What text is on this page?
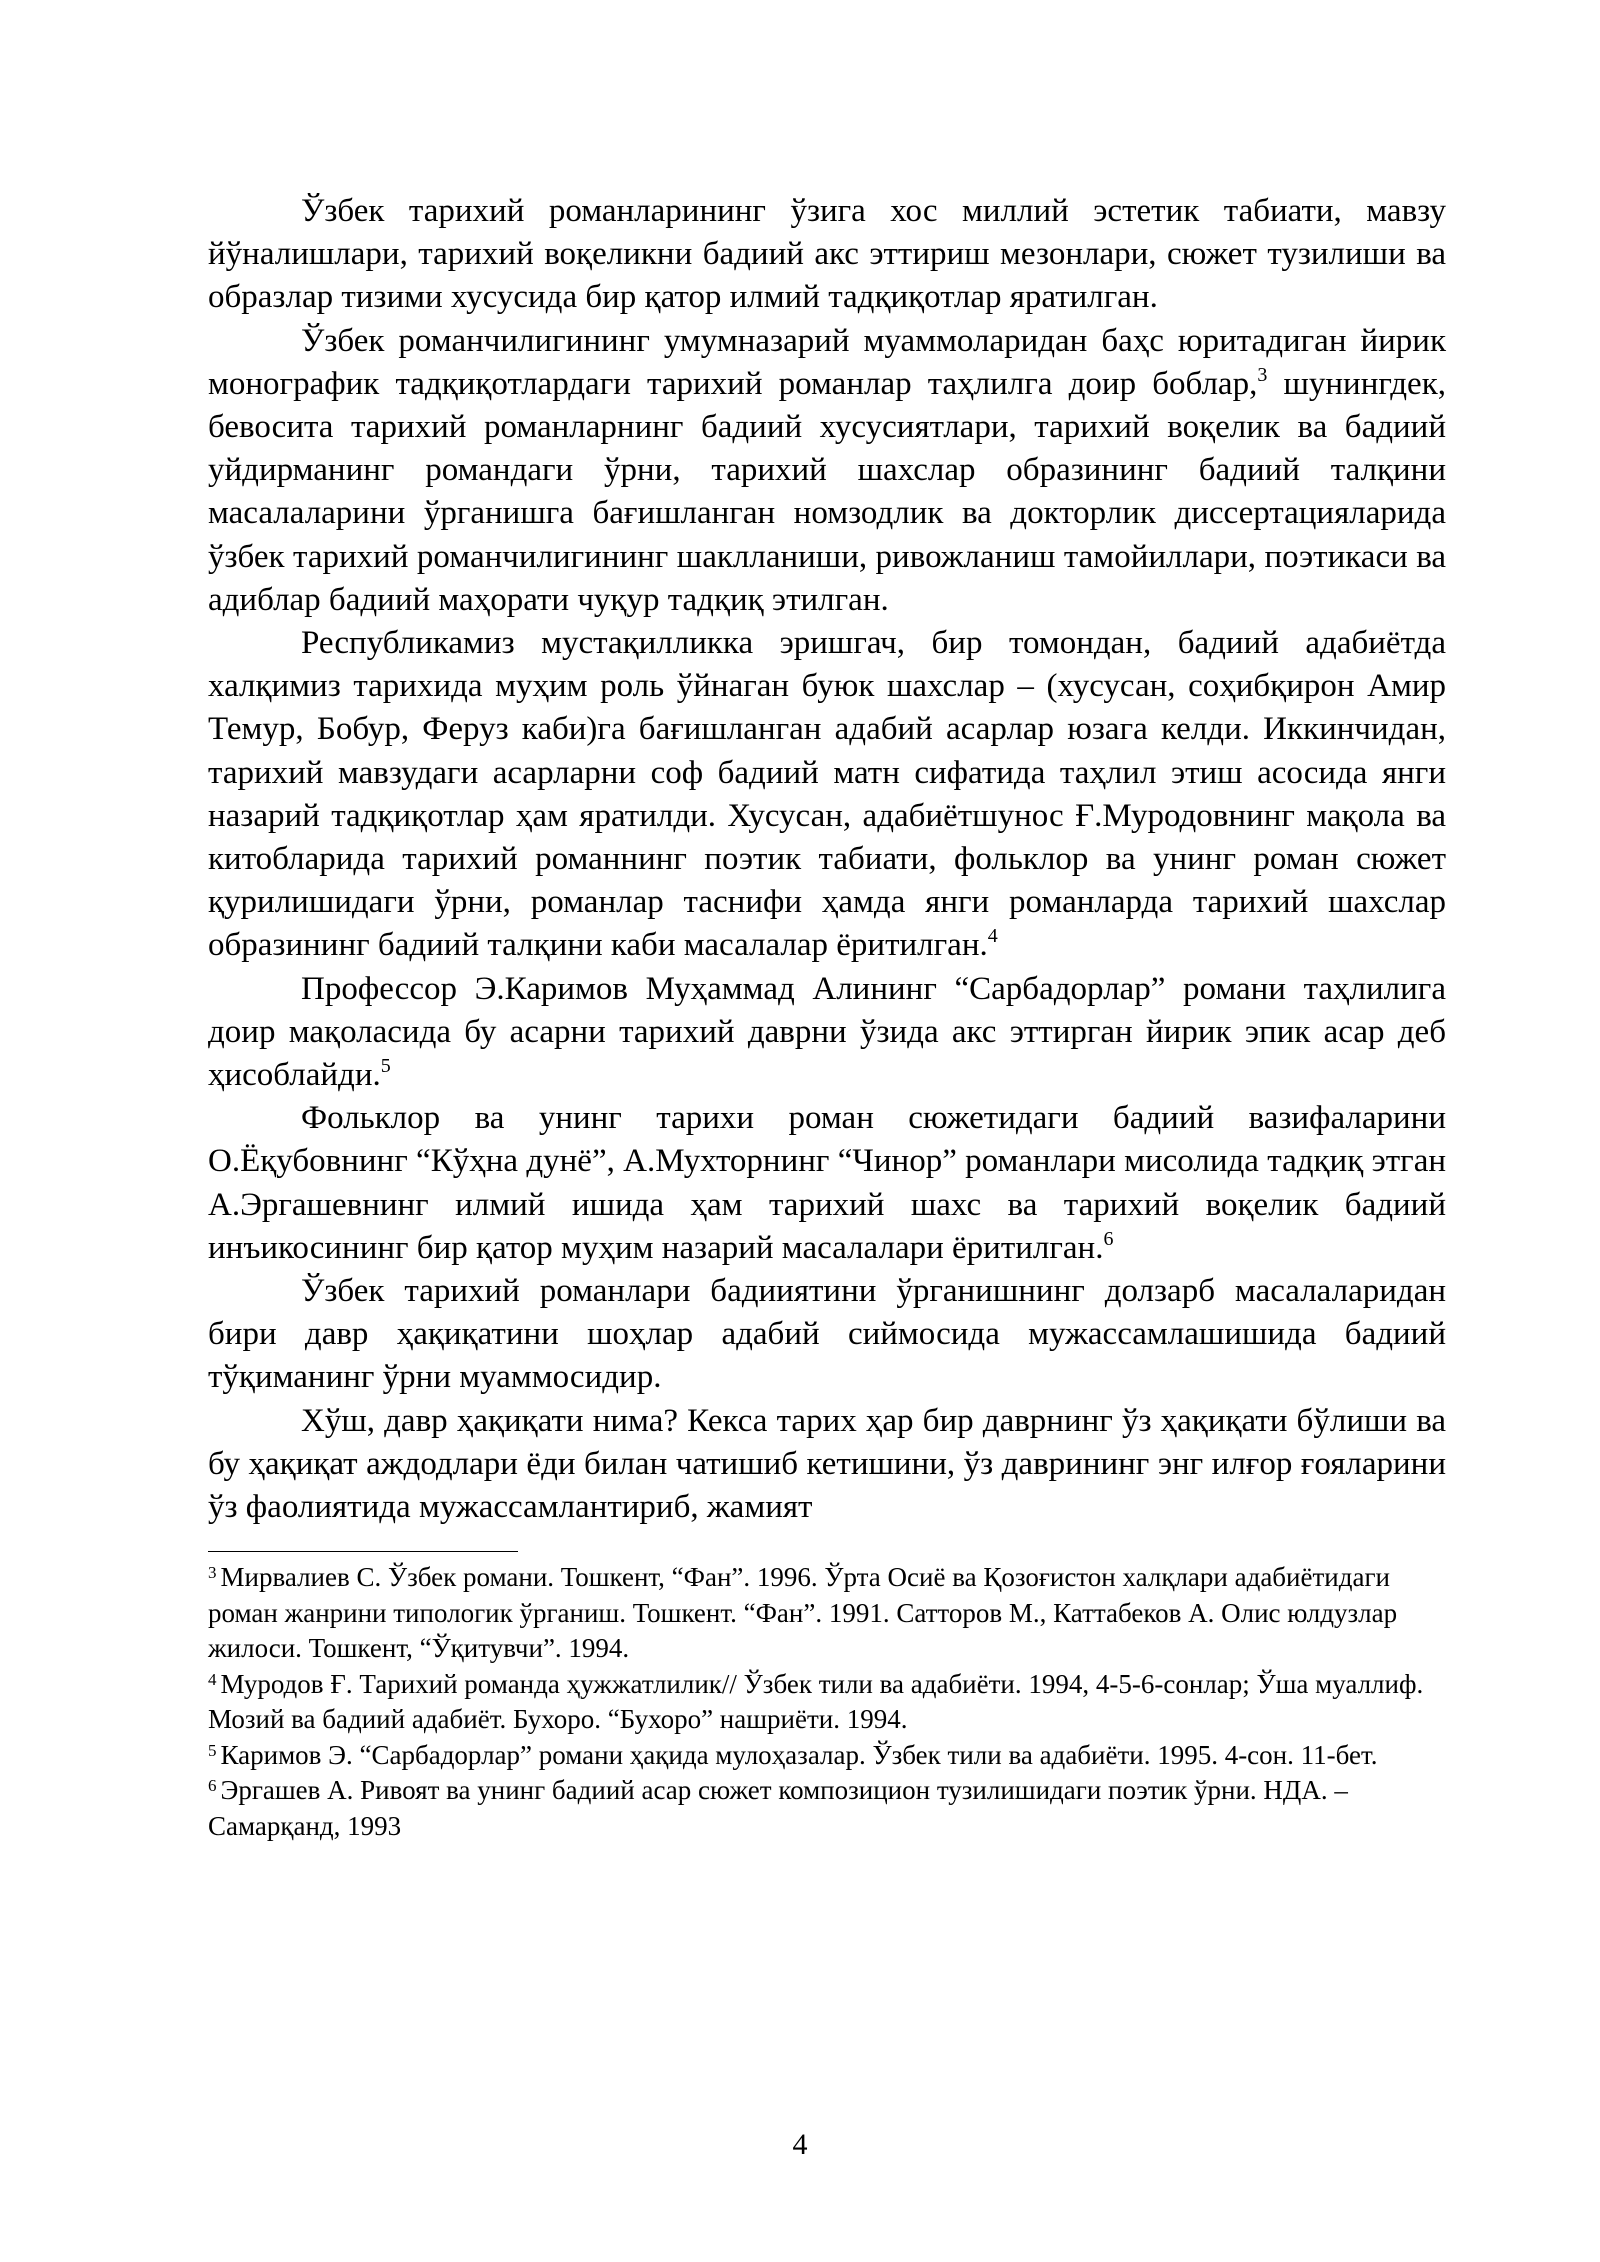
Ўзбек тарихий романларининг ўзига хос миллий эстетик табиати, мавзу йўналишлари, тарихий воқеликни бадиий акс эттириш мезонлари, сюжет тузилиши ва образлар тизими хусусида бир қатор илмий тадқиқотлар яратилган.

Ўзбек романчилигининг умумназарий муаммоларидан баҳс юритадиган йирик монографик тадқиқотлардаги тарихий романлар таҳлилга доир боблар,$^3$ шунингдек, бевосита тарихий романларнинг бадиий хусусиятлари, тарихий воқелик ва бадиий уйдирманинг романдаги ўрни, тарихий шахслар образининг бадиий талқини масалаларини ўрганишга бағишланган номзодлик ва докторлик диссертацияларида ўзбек тарихий романчилигининг шаклланиши, ривожланиш тамойиллари, поэтикаси ва адиблар бадиий маҳорати чуқур тадқиқ этилган.

Республикамиз мустақилликка эришгач, бир томондан, бадиий адабиётда халқимиз тарихида муҳим роль ўйнаган буюк шахслар – (хусусан, соҳибқирон Амир Темур, Бобур, Феруз каби)га бағишланган адабий асарлар юзага келди. Иккинчидан, тарихий мавзудаги асарларни соф бадиий матн сифатида таҳлил этиш асосида янги назарий тадқиқотлар ҳам яратилди. Хусусан, адабиётшунос Ғ.Муродовнинг мақола ва китобларида тарихий романнинг поэтик табиати, фольклор ва унинг роман сюжет қурилишидаги ўрни, романлар таснифи ҳамда янги романларда тарихий шахслар образининг бадиий талқини каби масалалар ёритилган.$^4$

Профессор Э.Каримов Муҳаммад Алининг “Сарбадорлар” романи таҳлилига доир мақоласида бу асарни тарихий даврни ўзида акс эттирган йирик эпик асар деб ҳисоблайди.$^5$

Фольклор ва унинг тарихи роман сюжетидаги бадиий вазифаларини О.Ёқубовнинг “Кўҳна дунё”, А.Мухторнинг “Чинор” романлари мисолида тадқиқ этган А.Эргашевнинг илмий ишида ҳам тарихий шахс ва тарихий воқелик бадиий инъикосининг бир қатор муҳим назарий масалалари ёритилган.$^6$

Ўзбек тарихий романлари бадииятини ўрганишнинг долзарб масалаларидан бири давр ҳақиқатини шоҳлар адабий сиймосида мужассамлашишида бадиий тўқиманинг ўрни муаммосидир.

Хўш, давр ҳақиқати нима? Кекса тарих ҳар бир даврнинг ўз ҳақиқати бўлиши ва бу ҳақиқат аждодлари ёди билан чатишиб кетишини, ўз даврининг энг илғор ғояларини ўз фаолиятида мужассамлантириб, жамият

$^3$ Мирвалиев С. Ўзбек романи. Тошкент, “Фан”. 1996. Ўрта Осиё ва Қозоғистон халқлари адабиётидаги роман жанрини типологик ўрганиш. Тошкент. “Фан”. 1991. Сатторов М., Каттабеков А. Олис юлдузлар жилоси. Тошкент, “Ўқитувчи”. 1994.

$^4$ Муродов Ғ. Тарихий романда ҳужжатлилик// Ўзбек тили ва адабиёти. 1994, 4-5-6-сонлар; Ўша муаллиф. Мозий ва бадиий адабиёт. Бухоро. “Бухоро” нашриёти. 1994.

$^5$ Каримов Э. “Сарбадорлар” романи ҳақида мулоҳазалар. Ўзбек тили ва адабиёти. 1995. 4-сон. 11-бет.

$^6$ Эргашев А. Ривоят ва унинг бадиий асар сюжет композицион тузилишидаги поэтик ўрни. НДА. – Самарқанд, 1993

4
